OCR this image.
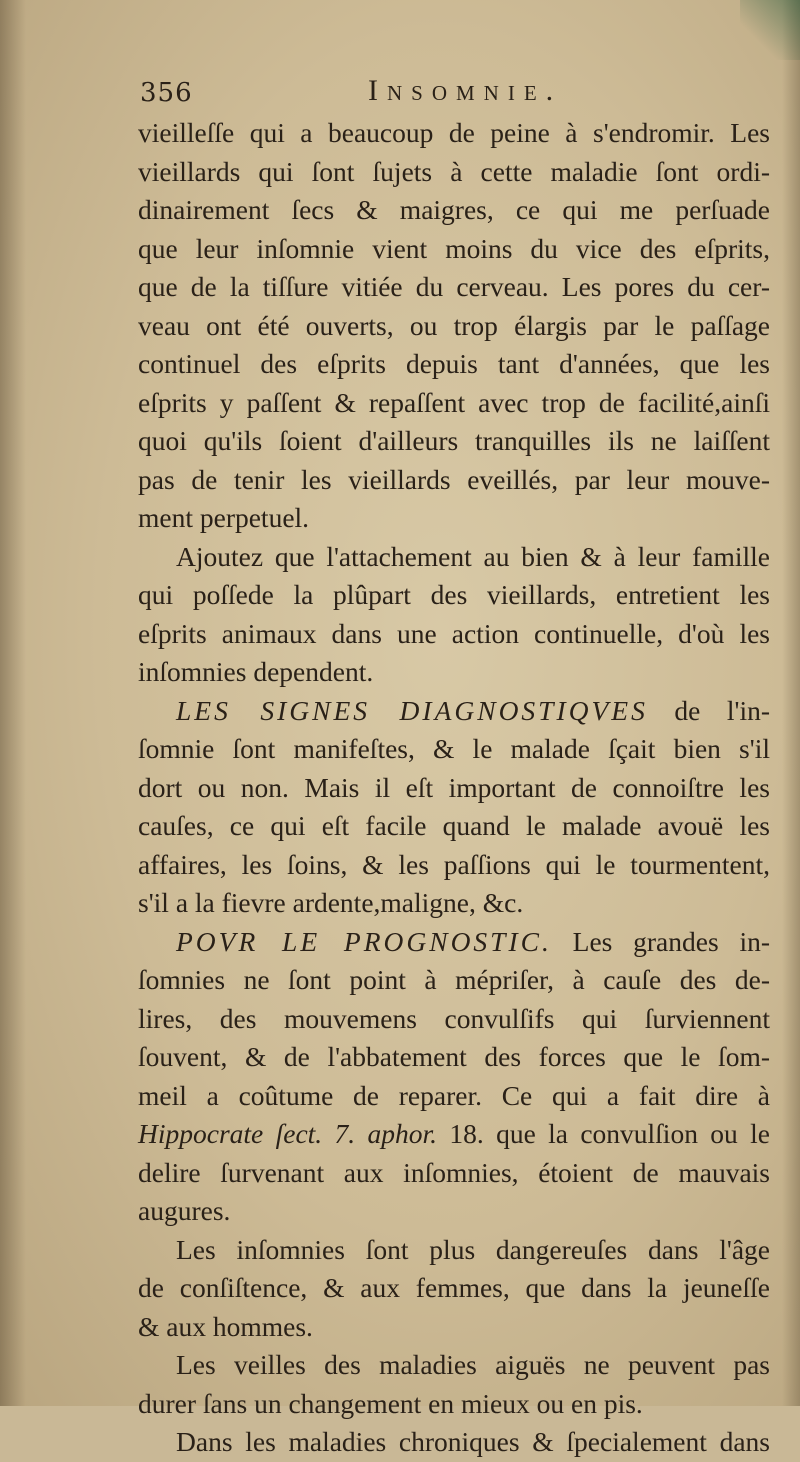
356	Insomnie.
vieilleſſe qui a beaucoup de peine à s'endromir. Les
vieillards qui ſont ſujets à cette maladie ſont ordi-
dinairement ſecs & maigres, ce qui me perſuade
que leur inſomnie vient moins du vice des eſprits,
que de la tiſſure vitiée du cerveau. Les pores du cer-
veau ont été ouverts, ou trop élargis par le paſſage
continuel des eſprits depuis tant d'années, que les
eſprits y paſſent & repaſſent avec trop de facilité,ainſi
quoi qu'ils ſoient d'ailleurs tranquilles ils ne laiſſent
pas de tenir les vieillards eveillés, par leur mouve-
ment perpetuel.
Ajoutez que l'attachement au bien & à leur famille
qui poſſede la plûpart des vieillards, entretient les
eſprits animaux dans une action continuelle, d'où les
inſomnies dependent.
LES SIGNES DIAGNOSTIQVES de l'in-
ſomnie ſont manifeſtes, & le malade ſçait bien s'il
dort ou non. Mais il eſt important de connoiſtre les
cauſes, ce qui eſt facile quand le malade avouë les
affaires, les ſoins, & les paſſions qui le tourmentent,
s'il a la fievre ardente,maligne, &c.
POVR LE PROGNOSTIC. Les grandes in-
ſomnies ne ſont point à mépriſer, à cauſe des de-
lires, des mouvemens convulſifs qui ſurviennent
ſouvent, & de l'abbatement des forces que le ſom-
meil a coûtume de reparer. Ce qui a fait dire à
Hippocrate ſect. 7. aphor. 18. que la convulſion ou le
delire ſurvenant aux inſomnies, étoient de mauvais
augures.
Les inſomnies ſont plus dangereuſes dans l'âge
de conſiſtence, & aux femmes, que dans la jeuneſſe
& aux hommes.
Les veilles des maladies aiguës ne peuvent pas
durer ſans un changement en mieux ou en pis.
Dans les maladies chroniques & ſpecialement dans
